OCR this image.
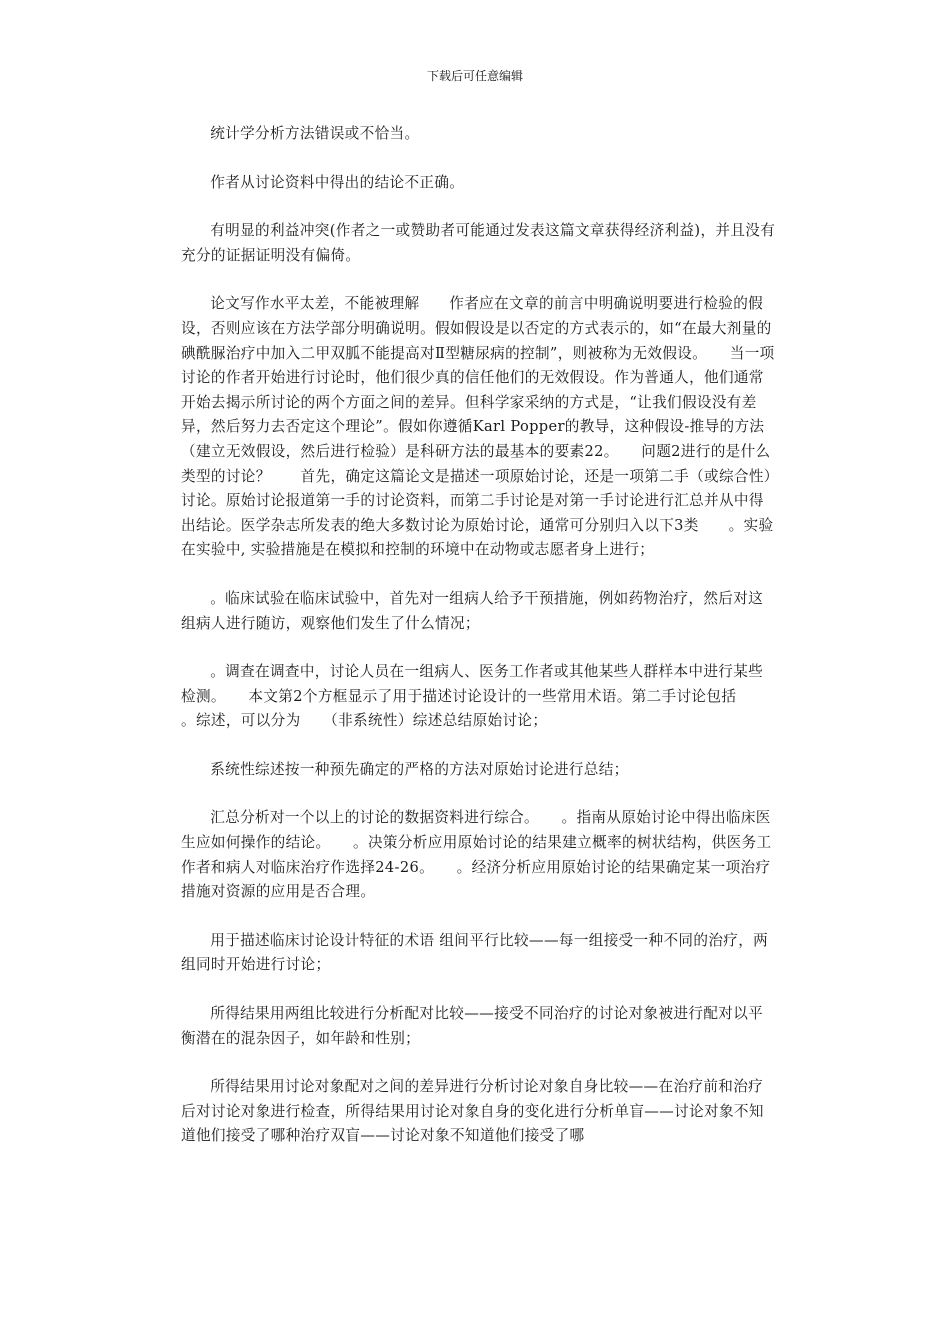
下载后可任意编辑

统计学分析方法错误或不恰当。

作者从讨论资料中得出的结论不正确。

有明显的利益冲突(作者之一或赞助者可能通过发表这篇文章获得经济利益)，并且没有充分的证据证明没有偏倚。

论文写作水平太差，不能被理解　　作者应在文章的前言中明确说明要进行检验的假设，否则应该在方法学部分明确说明。假如假设是以否定的方式表示的，如“在最大剂量的碘酰脲治疗中加入二甲双胍不能提高对Ⅱ型糖尿病的控制”，则被称为无效假设。　　当一项讨论的作者开始进行讨论时，他们很少真的信任他们的无效假设。作为普通人，他们通常开始去揭示所讨论的两个方面之间的差异。但科学家采纳的方式是，“让我们假设没有差异，然后努力去否定这个理论”。假如你遵循Karl Popper的教导，这种假设-推导的方法（建立无效假设，然后进行检验）是科研方法的最基本的要素22。　　问题2进行的是什么类型的讨论？　　首先，确定这篇论文是描述一项原始讨论，还是一项第二手（或综合性）讨论。原始讨论报道第一手的讨论资料，而第二手讨论是对第一手讨论进行汇总并从中得出结论。医学杂志所发表的绝大多数讨论为原始讨论，通常可分别归入以下3类　　。实验在实验中, 实验措施是在模拟和控制的环境中在动物或志愿者身上进行；

。临床试验在临床试验中，首先对一组病人给予干预措施，例如药物治疗，然后对这组病人进行随访，观察他们发生了什么情况；

。调查在调查中，讨论人员在一组病人、医务工作者或其他某些人群样本中进行某些检测。　　本文第2个方框显示了用于描述讨论设计的一些常用术语。第二手讨论包括　　。综述，可以分为　　（非系统性）综述总结原始讨论；

系统性综述按一种预先确定的严格的方法对原始讨论进行总结；

汇总分析对一个以上的讨论的数据资料进行综合。　　。指南从原始讨论中得出临床医生应如何操作的结论。　　。决策分析应用原始讨论的结果建立概率的树状结构，供医务工作者和病人对临床治疗作选择24-26。　　。经济分析应用原始讨论的结果确定某一项治疗措施对资源的应用是否合理。

用于描述临床讨论设计特征的术语 组间平行比较——每一组接受一种不同的治疗，两组同时开始进行讨论；

所得结果用两组比较进行分析配对比较——接受不同治疗的讨论对象被进行配对以平衡潜在的混杂因子，如年龄和性别；

所得结果用讨论对象配对之间的差异进行分析讨论对象自身比较——在治疗前和治疗后对讨论对象进行检查，所得结果用讨论对象自身的变化进行分析单盲——讨论对象不知道他们接受了哪种治疗双盲——讨论对象不知道他们接受了哪
